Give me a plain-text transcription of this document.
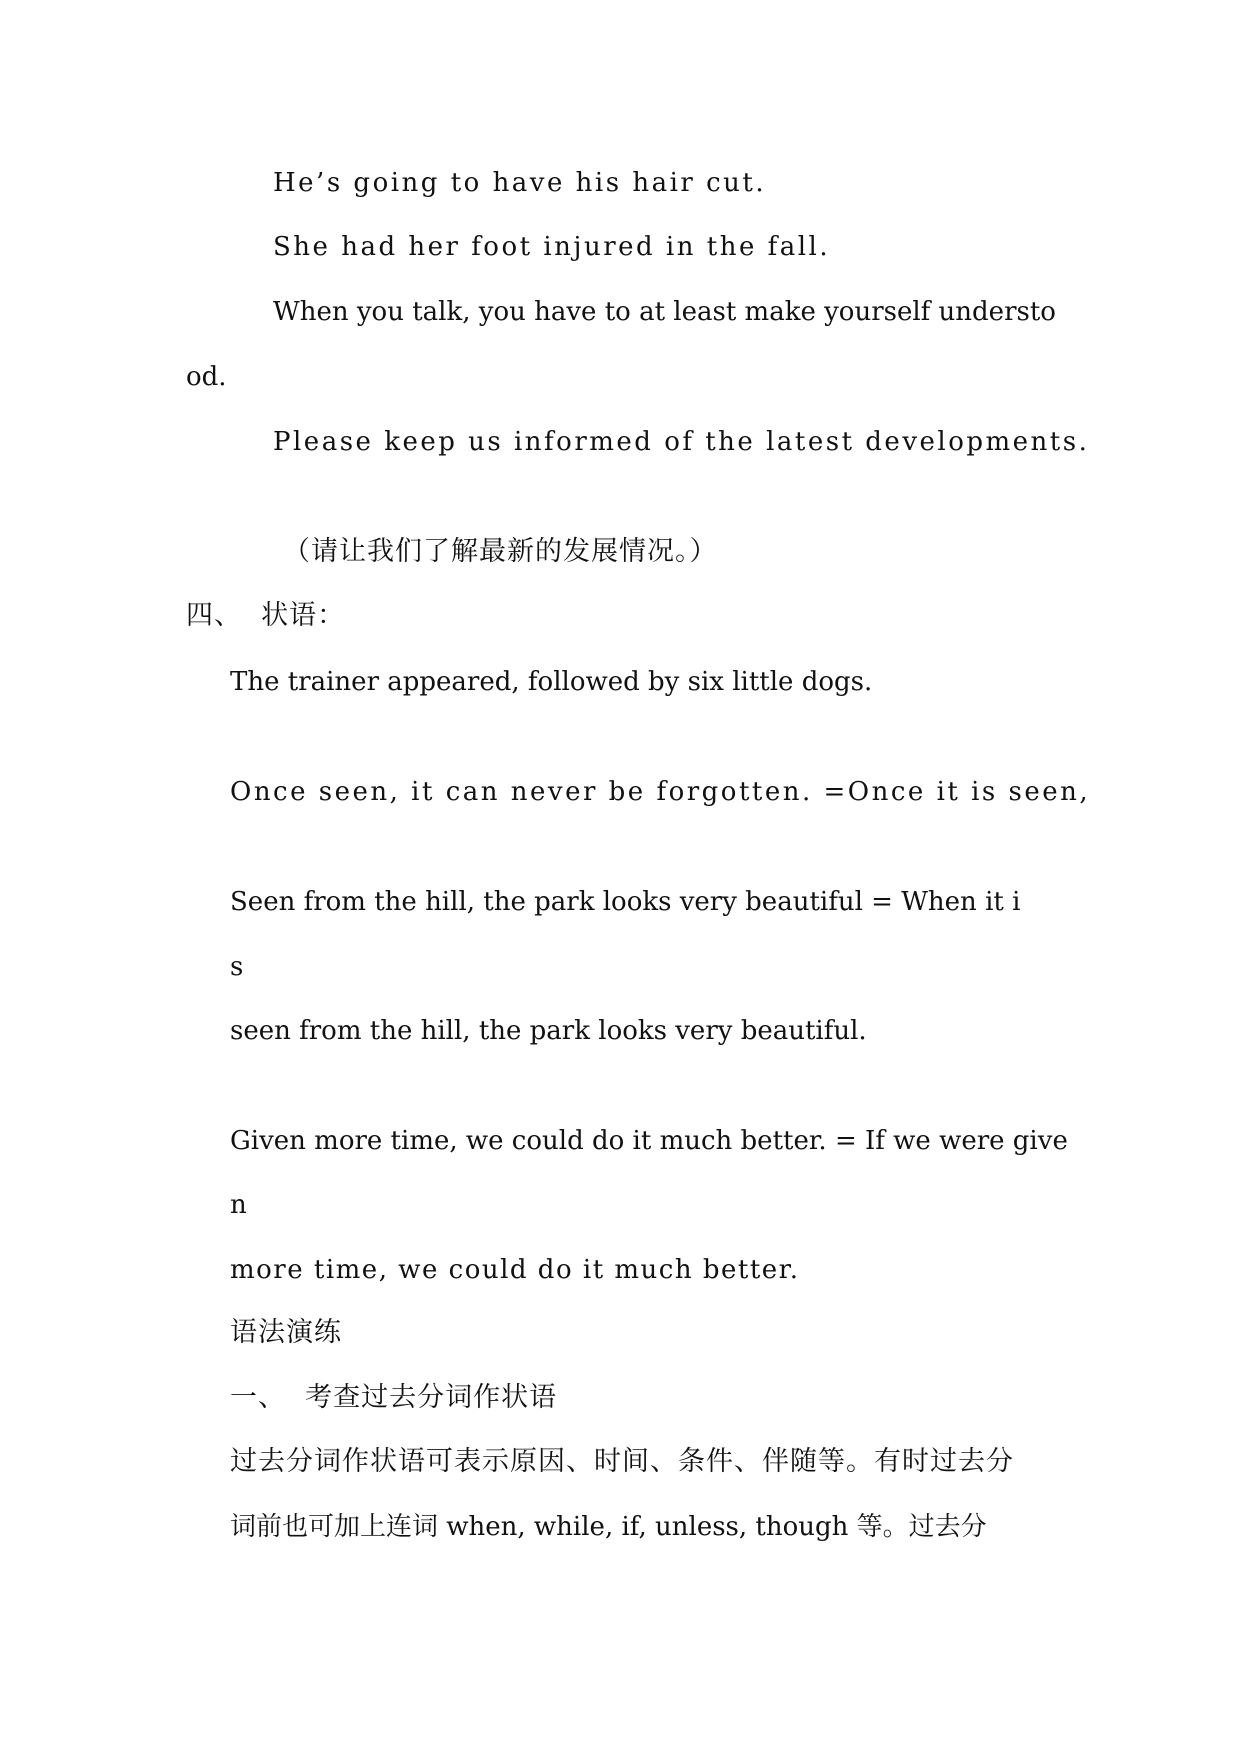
He’s going to have his hair cut.
She had her foot injured in the fall.
When you talk, you have to at least make yourself understo
od.
Please keep us informed of the latest developments.
（请让我们了解最新的发展情况。）
四、  状语：
The trainer appeared, followed by six little dogs.
Once seen, it can never be forgotten. =Once it is seen,
Seen from the hill, the park looks very beautiful = When it i
s
seen from the hill, the park looks very beautiful.
Given more time, we could do it much better. = If we were give
n
more time, we could do it much better.
语法演练
一、  考查过去分词作状语
过去分词作状语可表示原因、时间、条件、伴随等。有时过去分
词前也可加上连词 when, while, if, unless, though 等。过去分
